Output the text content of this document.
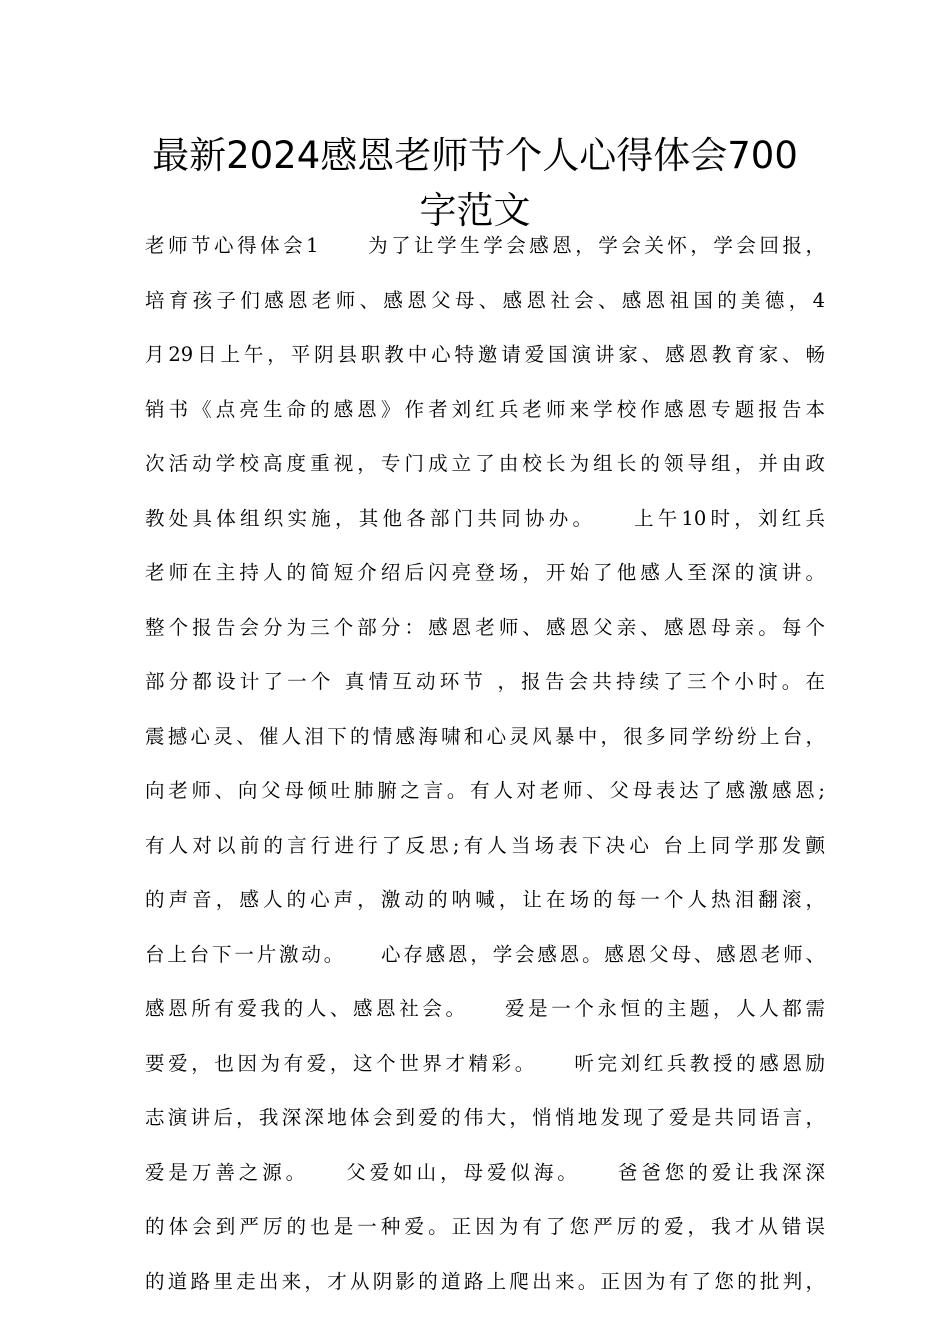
最新2024感恩老师节个人心得体会700
字范文
老师节心得体会1　　为了让学生学会感恩，学会关怀，学会回报，
培育孩子们感恩老师、感恩父母、感恩社会、感恩祖国的美德，4
月29日上午，平阴县职教中心特邀请爱国演讲家、感恩教育家、畅
销书《点亮生命的感恩》作者刘红兵老师来学校作感恩专题报告本
次活动学校高度重视，专门成立了由校长为组长的领导组，并由政
教处具体组织实施，其他各部门共同协办。　　上午10时，刘红兵
老师在主持人的简短介绍后闪亮登场，开始了他感人至深的演讲。
整个报告会分为三个部分：感恩老师、感恩父亲、感恩母亲。每个
部分都设计了一个 真情互动环节 ，报告会共持续了三个小时。在
震撼心灵、催人泪下的情感海啸和心灵风暴中，很多同学纷纷上台，
向老师、向父母倾吐肺腑之言。有人对老师、父母表达了感激感恩;
有人对以前的言行进行了反思;有人当场表下决心 台上同学那发颤
的声音，感人的心声，激动的呐喊，让在场的每一个人热泪翻滚，
台上台下一片激动。　　心存感恩，学会感恩。感恩父母、感恩老师、
感恩所有爱我的人、感恩社会。　　爱是一个永恒的主题，人人都需
要爱，也因为有爱，这个世界才精彩。　　听完刘红兵教授的感恩励
志演讲后，我深深地体会到爱的伟大，悄悄地发现了爱是共同语言，
爱是万善之源。　　父爱如山，母爱似海。　　爸爸您的爱让我深深
的体会到严厉的也是一种爱。正因为有了您严厉的爱，我才从错误
的道路里走出来，才从阴影的道路上爬出来。正因为有了您的批判，
